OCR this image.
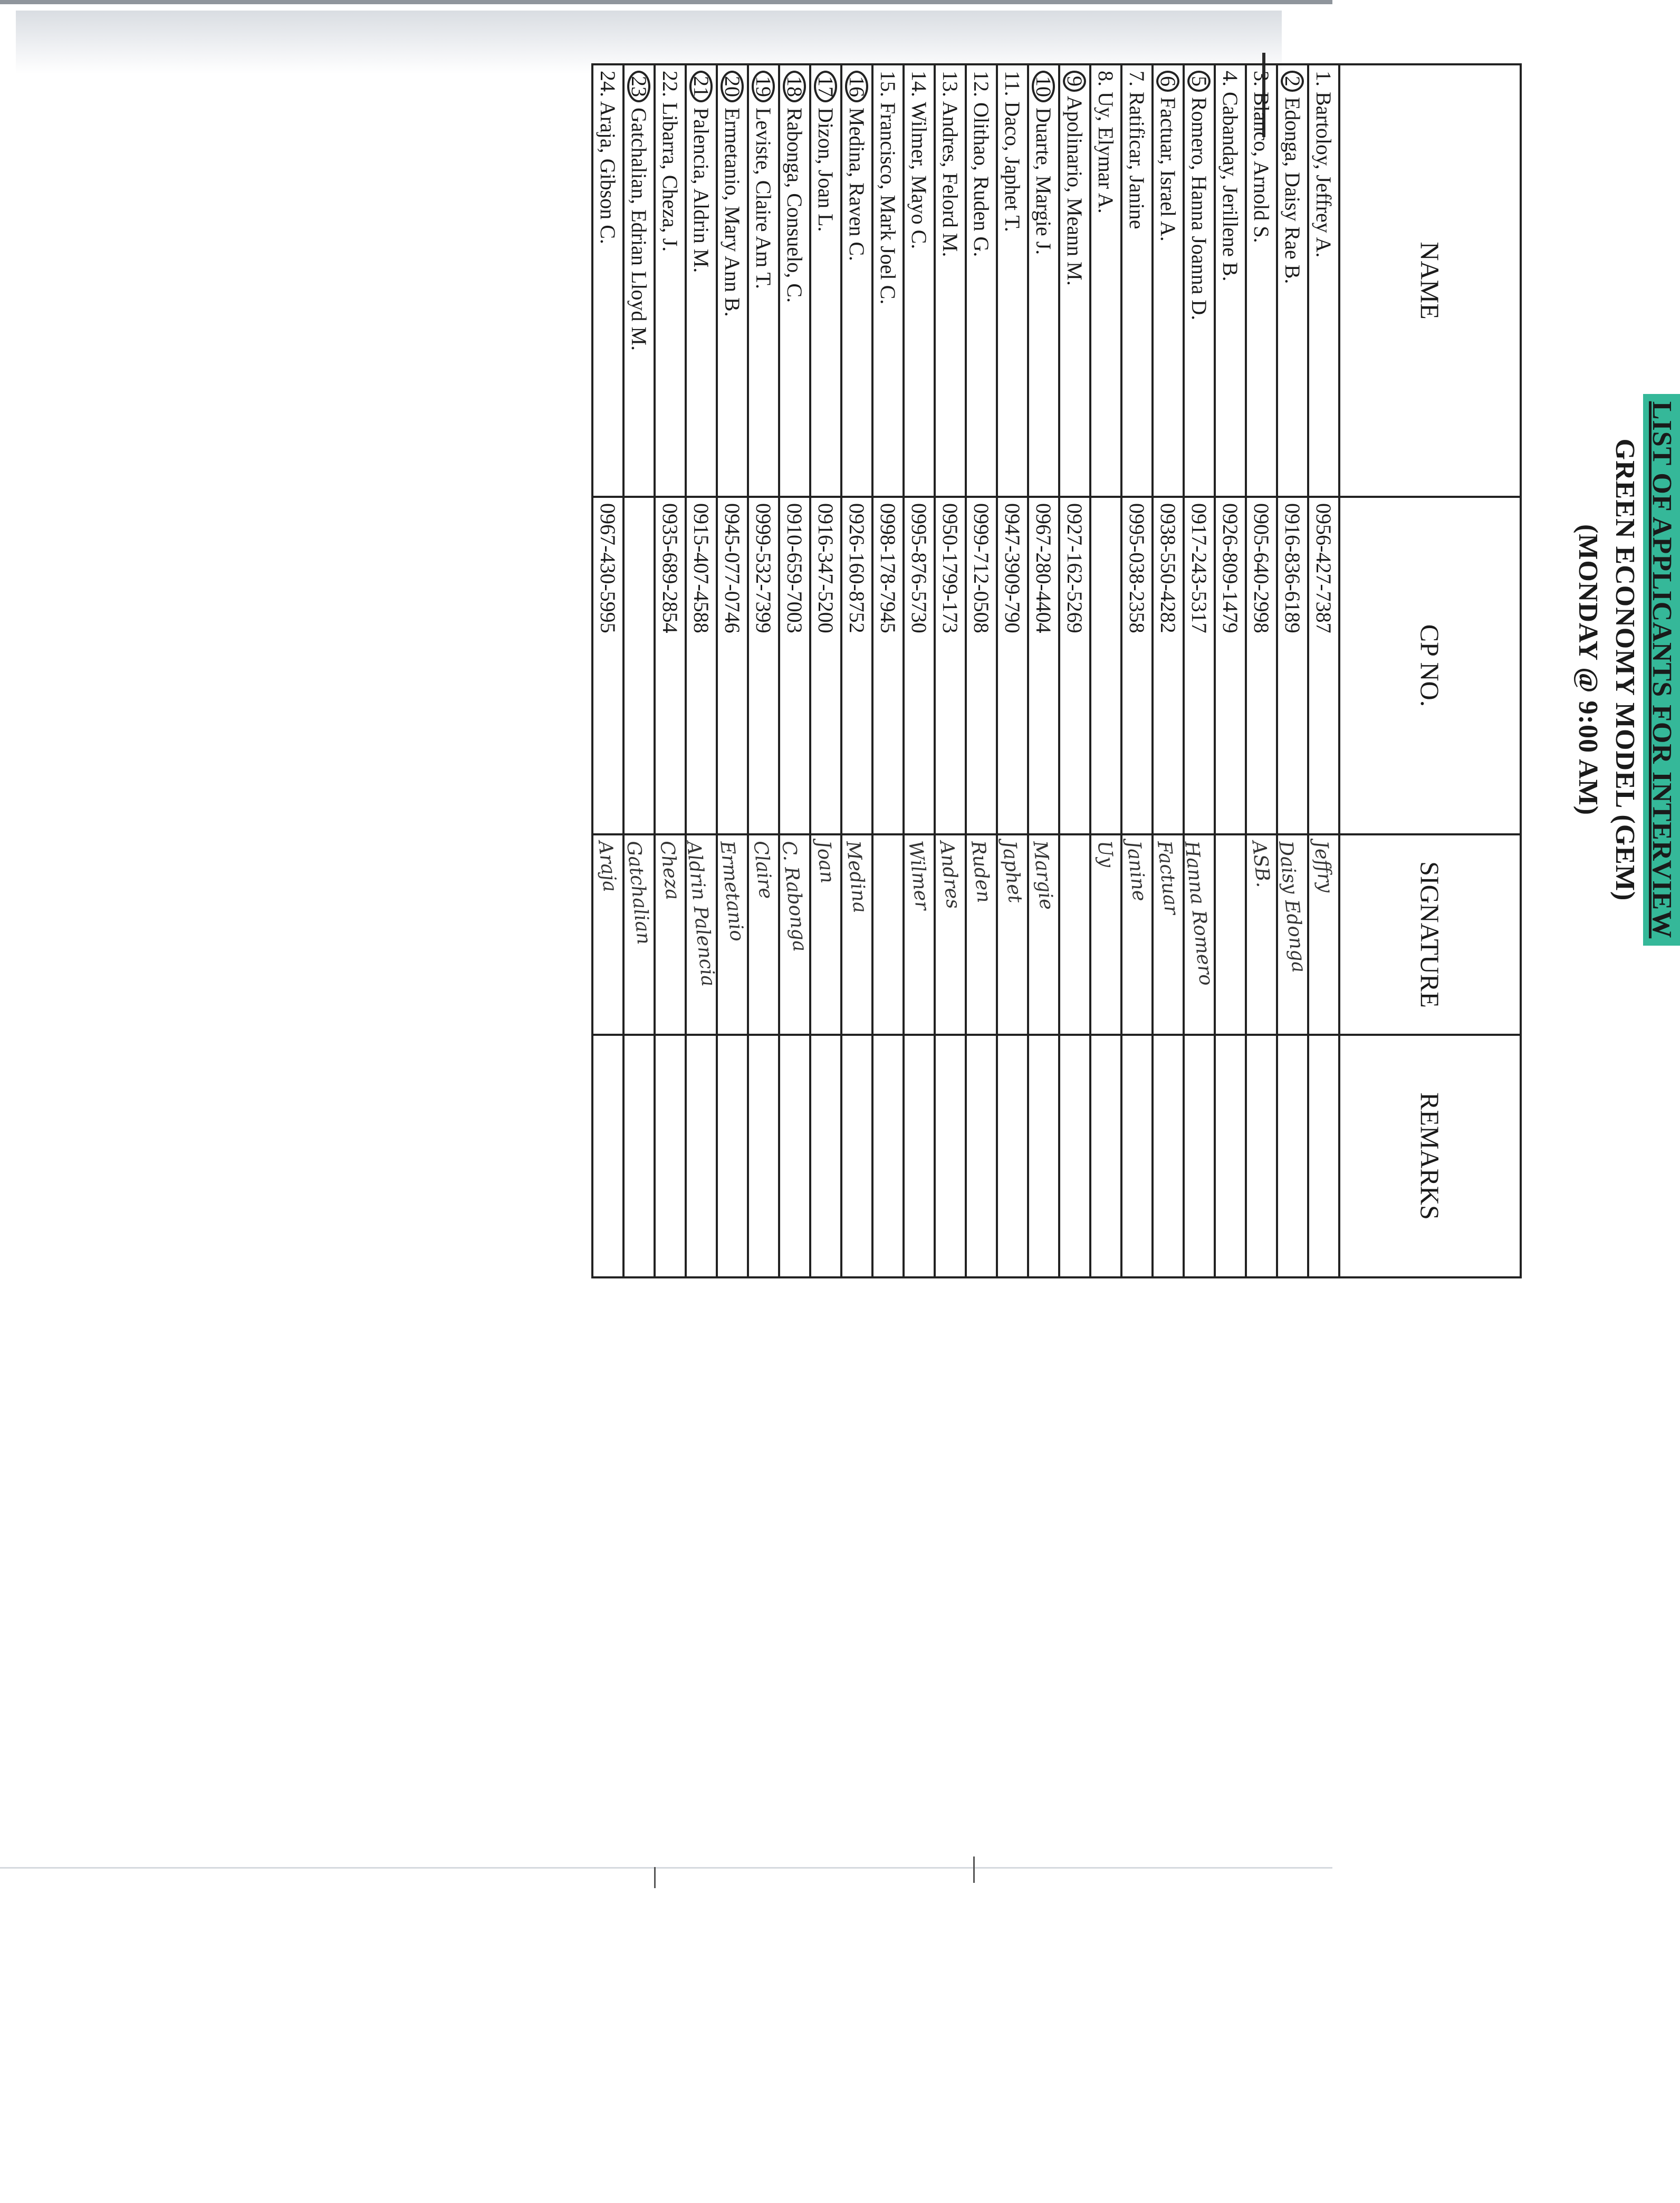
LIST OF APPLICANTS FOR INTERVIEW
GREEN ECONOMY MODEL (GEM)
(MONDAY @ 9:00 AM)
NAME	CP NO.	SIGNATURE	REMARKS
1. Bartoloy, Jeffrey A.	0956-427-7387	Jeffry	
2 Edonga, Daisy Rae B.	0916-836-6189	Daisy Edonga	
3. Blanco, Arnold S.	0905-640-2998	ASB.	
4. Cabanday, Jerillene B.	0926-809-1479		
5 Romero, Hanna Joanna D.	0917-243-5317	Hanna Romero	
6 Factuar, Israel A.	0938-550-4282	Factuar	
7. Ratificar, Janine	0995-038-2358	Janine	
8. Uy, Elymar A.		Uy	
9 Apolinario, Meann M.	0927-162-5269		
10 Duarte, Margie J.	0967-280-4404	Margie	
11. Daco, Japhet T.	0947-3909-790	Japhet	
12. Olithao, Ruden G.	0999-712-0508	Ruden	
13. Andres, Felord M.	0950-1799-173	Andres	
14. Wilmer, Mayo C.	0995-876-5730	Wilmer	
15. Francisco, Mark Joel C.	0998-178-7945		
16 Medina, Raven C.	0926-160-8752	Medina	
17 Dizon, Joan L.	0916-347-5200	Joan	
18 Rabonga, Consuelo, C.	0910-659-7003	C. Rabonga	
19 Leviste, Claire Am T.	0999-532-7399	Claire	
20 Ermetanio, Mary Ann B.	0945-077-0746	Ermetanio	
21 Palencia, Aldrin M.	0915-407-4588	Aldrin Palencia	
22. Libarra, Cheza, J.	0935-689-2854	Cheza	
23 Gatchalian, Edrian Lloyd M.		Gatchalian	
24. Araja, Gibson C.	0967-430-5995	Araja	
